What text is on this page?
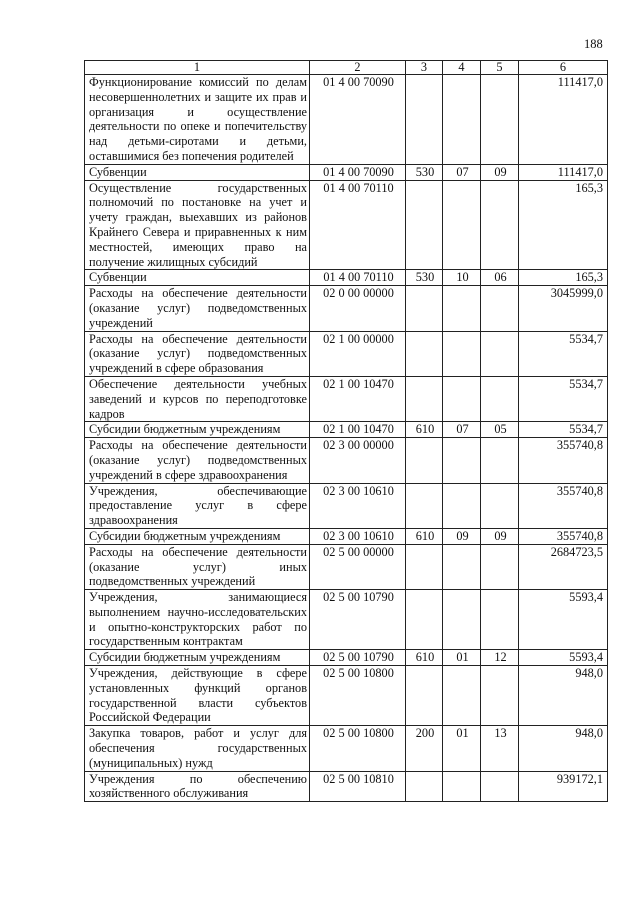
188
1	2	3	4	5	6
Функционирование комиссий по делам несовершеннолетних и защите их прав и организация и осуществление деятельности по опеке и попечительству над детьми-сиротами и детьми, оставшимися без попечения родителей	01 4 00 70090				111417,0
Субвенции	01 4 00 70090	530	07	09	111417,0
Осуществление государственных полномочий по постановке на учет и учету граждан, выехавших из районов Крайнего Севера и приравненных к ним местностей, имеющих право на получение жилищных субсидий	01 4 00 70110				165,3
Субвенции	01 4 00 70110	530	10	06	165,3
Расходы на обеспечение деятельности (оказание услуг) подведомственных учреждений	02 0 00 00000				3045999,0
Расходы на обеспечение деятельности (оказание услуг) подведомственных учреждений в сфере образования	02 1 00 00000				5534,7
Обеспечение деятельности учебных заведений и курсов по переподготовке кадров	02 1 00 10470				5534,7
Субсидии бюджетным учреждениям	02 1 00 10470	610	07	05	5534,7
Расходы на обеспечение деятельности (оказание услуг) подведомственных учреждений в сфере здравоохранения	02 3 00 00000				355740,8
Учреждения, обеспечивающие предоставление услуг в сфере здравоохранения	02 3 00 10610				355740,8
Субсидии бюджетным учреждениям	02 3 00 10610	610	09	09	355740,8
Расходы на обеспечение деятельности (оказание услуг) иных подведомственных учреждений	02 5 00 00000				2684723,5
Учреждения, занимающиеся выполнением научно-исследовательских и опытно-конструкторских работ по государственным контрактам	02 5 00 10790				5593,4
Субсидии бюджетным учреждениям	02 5 00 10790	610	01	12	5593,4
Учреждения, действующие в сфере установленных функций органов государственной власти субъектов Российской Федерации	02 5 00 10800				948,0
Закупка товаров, работ и услуг для обеспечения государственных (муниципальных) нужд	02 5 00 10800	200	01	13	948,0
Учреждения по обеспечению хозяйственного обслуживания	02 5 00 10810				939172,1
